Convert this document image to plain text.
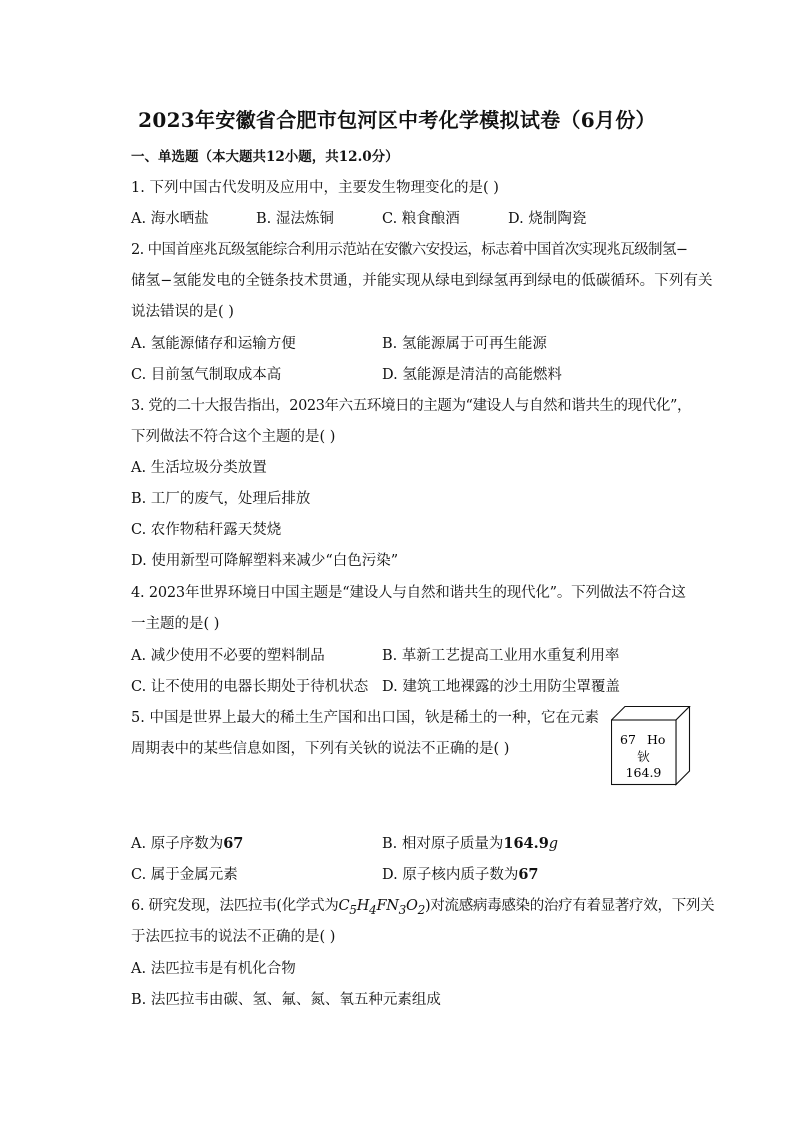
2023年安徽省合肥市包河区中考化学模拟试卷（6月份）
一、单选题（本大题共12小题，共12.0分）
1. 下列中国古代发明及应用中，主要发生物理变化的是( )
A. 海水晒盐	B. 湿法炼铜	C. 粮食酿酒	D. 烧制陶瓷
2. 中国首座兆瓦级氢能综合利用示范站在安徽六安投运，标志着中国首次实现兆瓦级制氢−
储氢−氢能发电的全链条技术贯通，并能实现从绿电到绿氢再到绿电的低碳循环。下列有关
说法错误的是( )
A. 氢能源储存和运输方便	B. 氢能源属于可再生能源
C. 目前氢气制取成本高	D. 氢能源是清洁的高能燃料
3. 党的二十大报告指出，2023年六五环境日的主题为“建设人与自然和谐共生的现代化”，
下列做法不符合这个主题的是( )
A. 生活垃圾分类放置
B. 工厂的废气，处理后排放
C. 农作物秸秆露天焚烧
D. 使用新型可降解塑料来减少“白色污染”
4. 2023年世界环境日中国主题是“建设人与自然和谐共生的现代化”。下列做法不符合这
一主题的是( )
A. 减少使用不必要的塑料制品	B. 革新工艺提高工业用水重复利用率
C. 让不使用的电器长期处于待机状态 D. 建筑工地裸露的沙土用防尘罩覆盖
5. 中国是世界上最大的稀土生产国和出口国，钬是稀土的一种，它在元素
周期表中的某些信息如图，下列有关钬的说法不正确的是( )
67 Ho
钬
164.9
A. 原子序数为67	B. 相对原子质量为164.9g
C. 属于金属元素	D. 原子核内质子数为67
6. 研究发现，法匹拉韦(化学式为$C_5H_4FN_3O_2$)对流感病毒感染的治疗有着显著疗效，下列关
于法匹拉韦的说法不正确的是( )
A. 法匹拉韦是有机化合物
B. 法匹拉韦由碳、氢、氟、氮、氧五种元素组成
